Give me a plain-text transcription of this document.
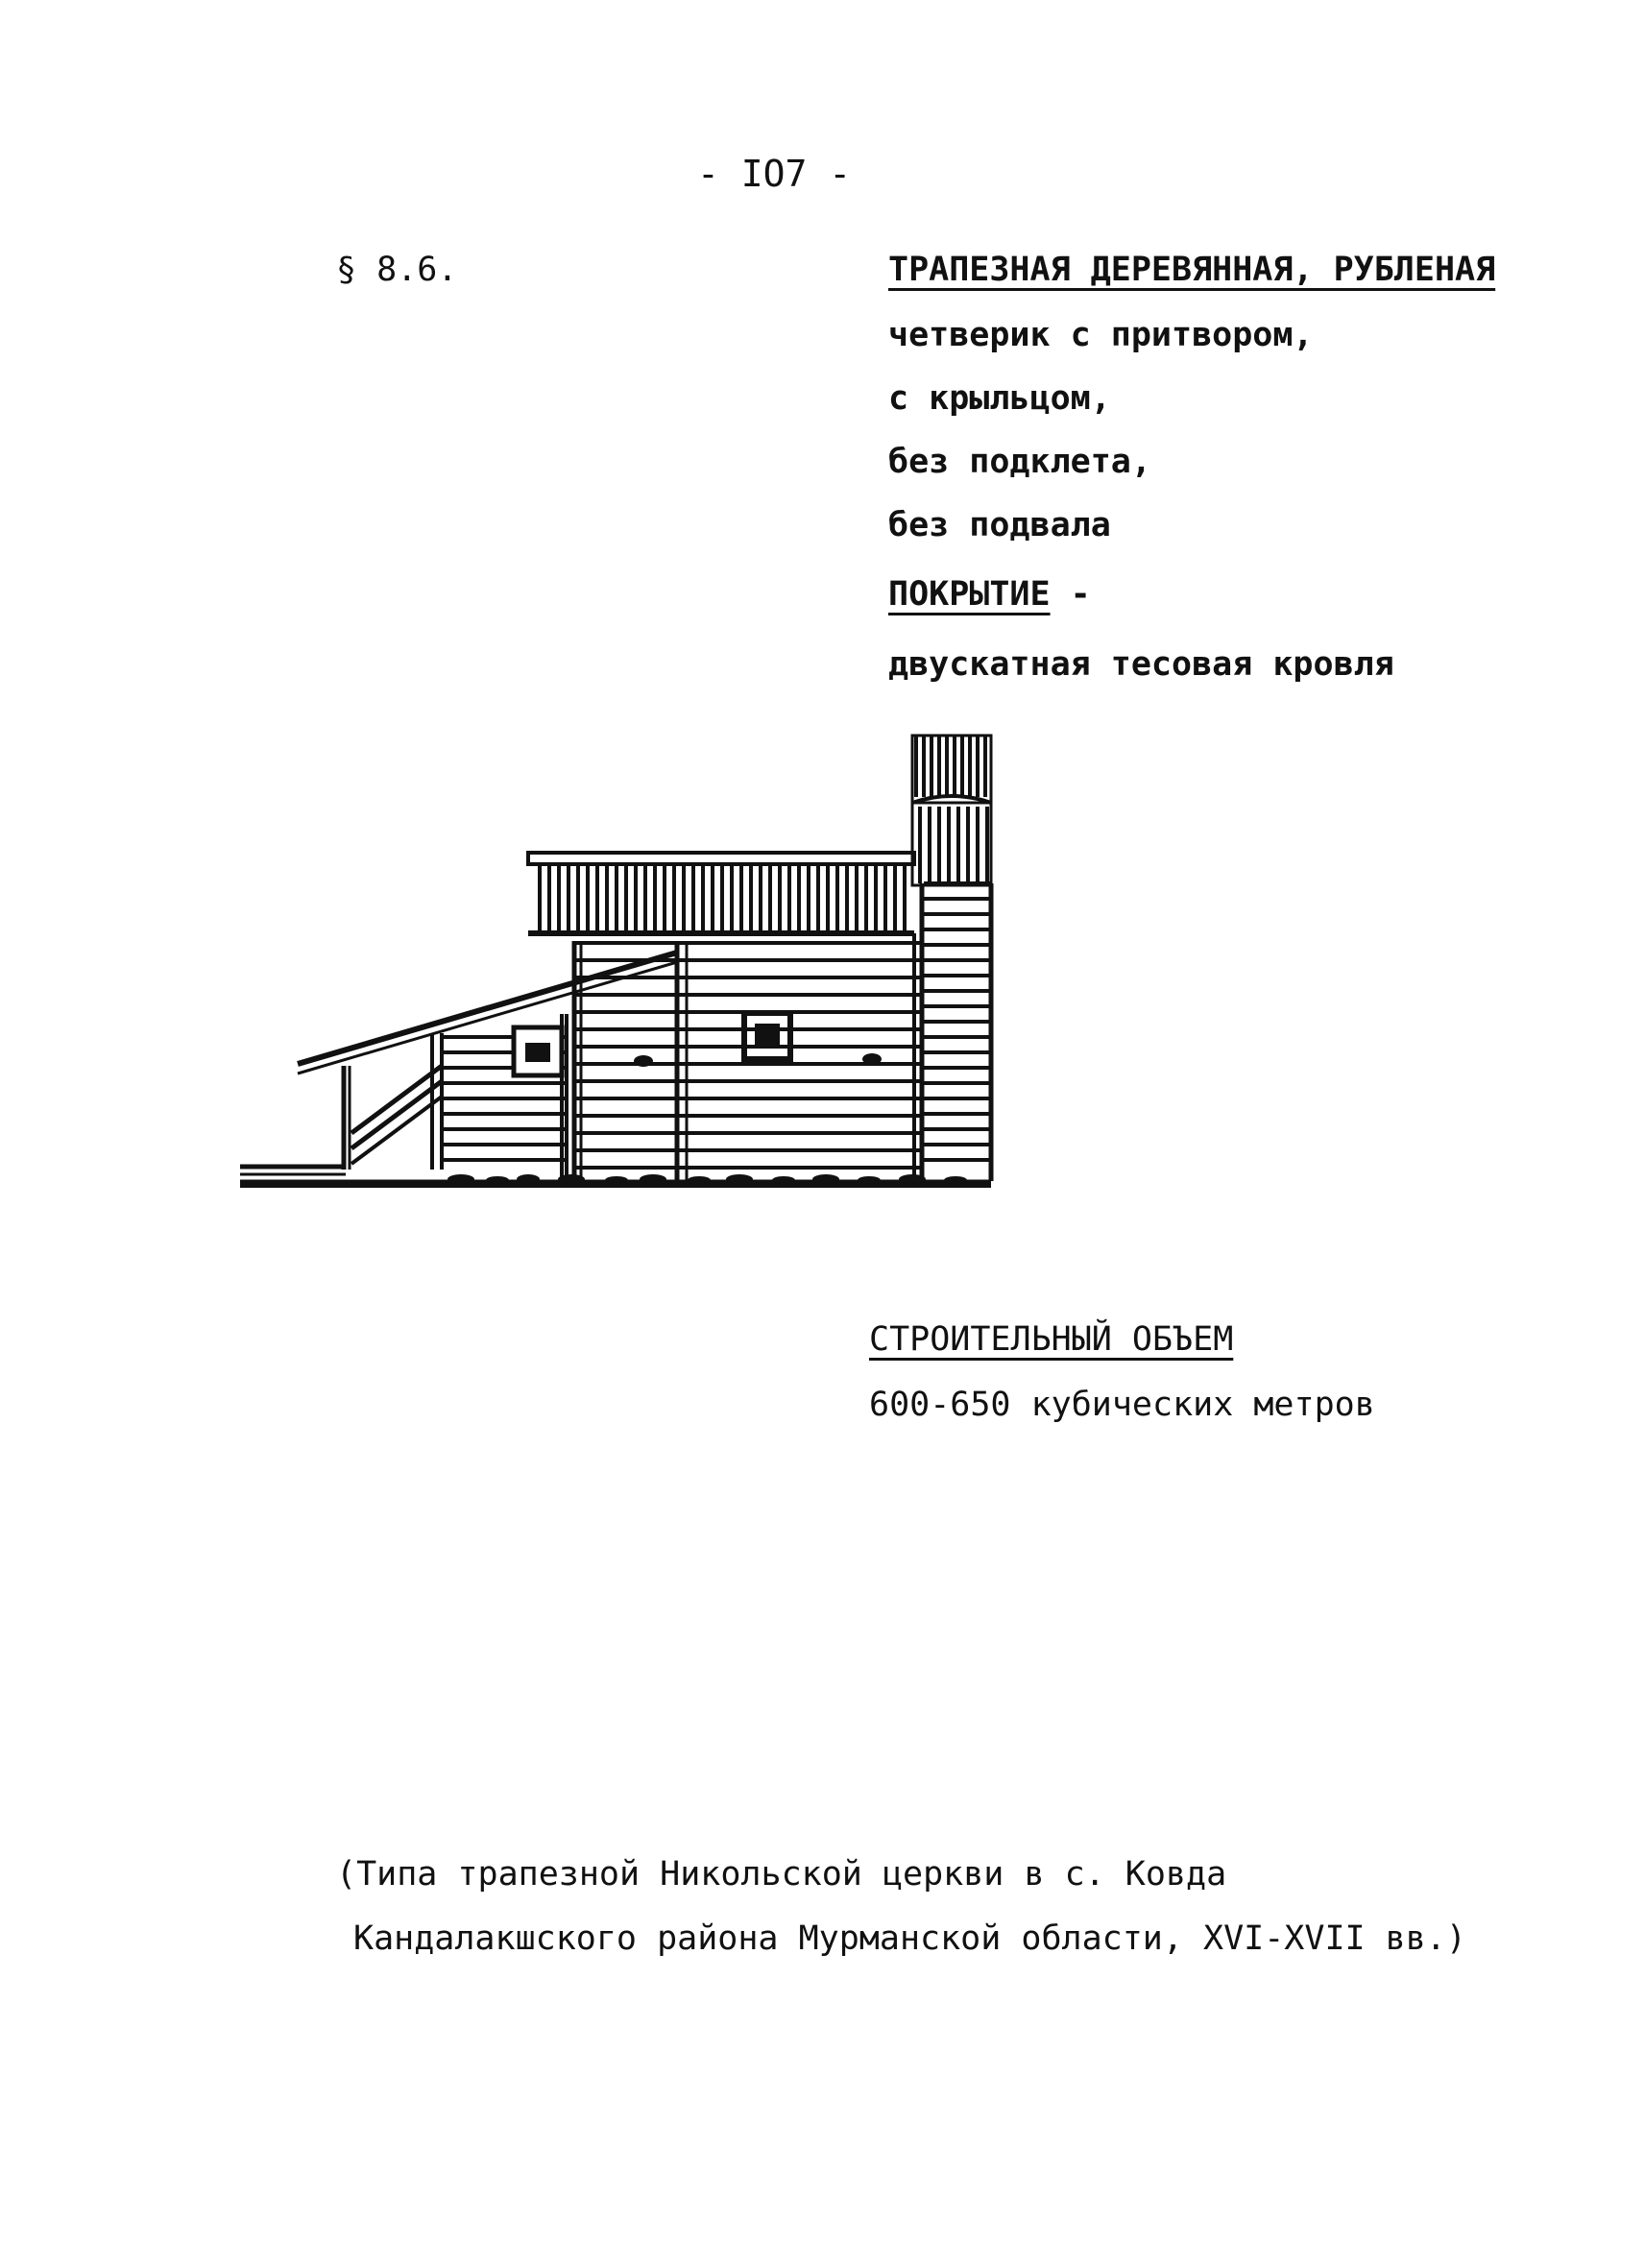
- IO7 -
§ 8.6.	ТРАПЕЗНАЯ ДЕРЕВЯННАЯ, РУБЛЕНАЯ
четверик с притвором,
с крыльцом,
без подклета,
без подвала
ПОКРЫТИЕ -
двускатная тесовая кровля
СТРОИТЕЛЬНЫЙ ОБЪЕМ
600-650 кубических метров
(Типа трапезной Никольской церкви в с. Ковда
Кандалакшского района Мурманской области, XVI-XVII вв.)
